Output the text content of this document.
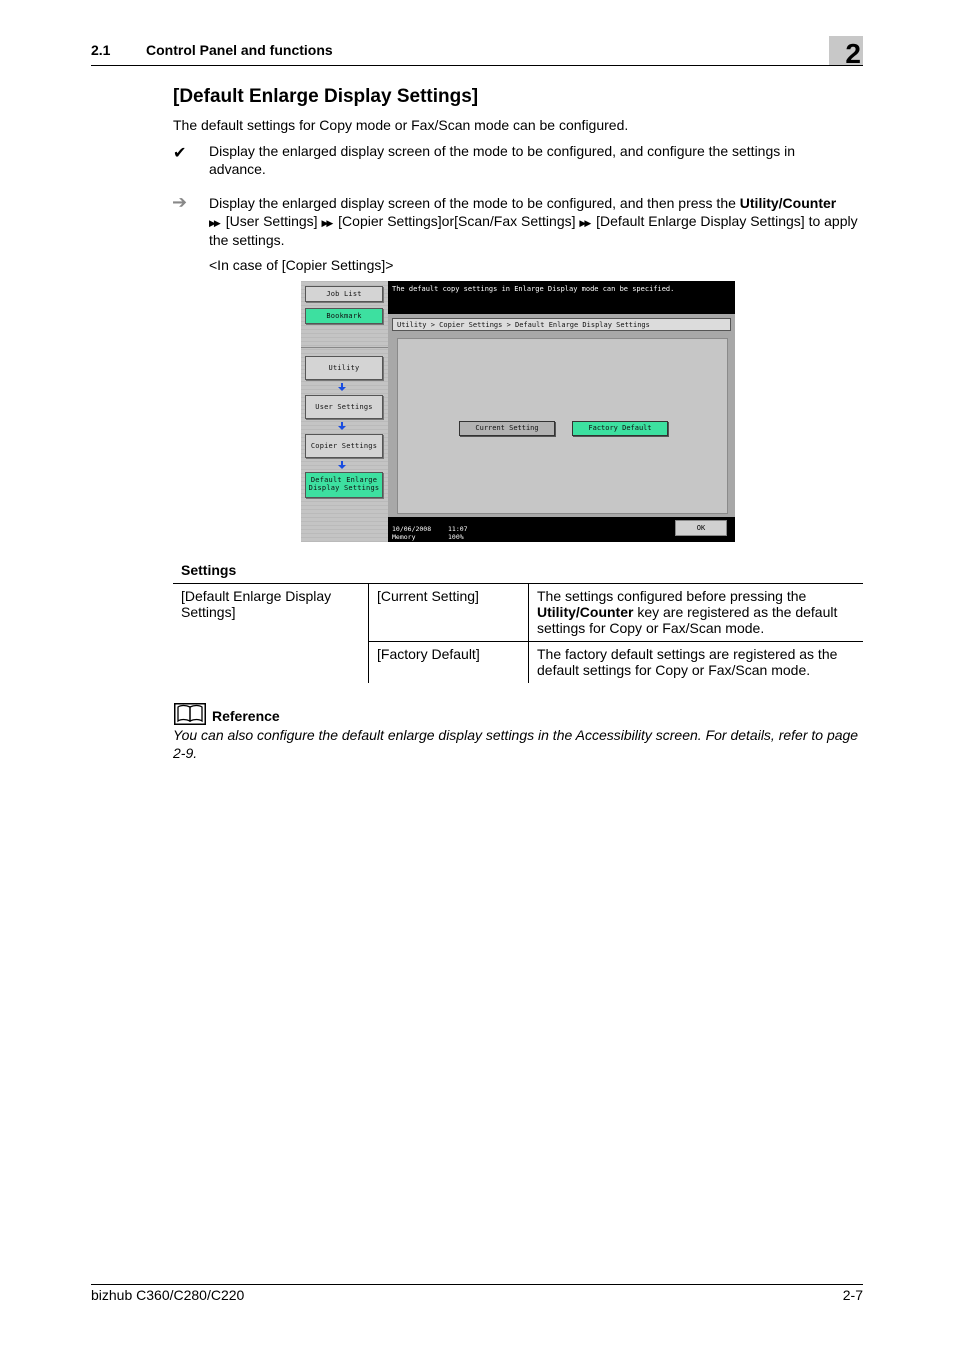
2.1	Control Panel and functions	2
[Default Enlarge Display Settings]
The default settings for Copy mode or Fax/Scan mode can be configured.
✔ Display the enlarged display screen of the mode to be configured, and configure the settings in advance.
➔ Display the enlarged display screen of the mode to be configured, and then press the Utility/Counter
▶▶ [User Settings] ▶▶ [Copier Settings]or[Scan/Fax Settings] ▶▶ [Default Enlarge Display Settings] to apply the settings.
<In case of [Copier Settings]>
Job List
Bookmark
Utility
User Settings
Copier Settings
Default Enlarge
Display Settings
The default copy settings in Enlarge Display mode can be specified.
Utility > Copier Settings > Default Enlarge Display Settings
Current Setting	Factory Default
10/06/2008	11:07
Memory	100%
OK
Settings
[Default Enlarge Display Settings]	[Current Setting]	The settings configured before pressing the Utility/Counter key are registered as the default settings for Copy or Fax/Scan mode.
	[Factory Default]	The factory default settings are registered as the default settings for Copy or Fax/Scan mode.
Reference
You can also configure the default enlarge display settings in the Accessibility screen. For details, refer to page 2-9.
bizhub C360/C280/C220	2-7
